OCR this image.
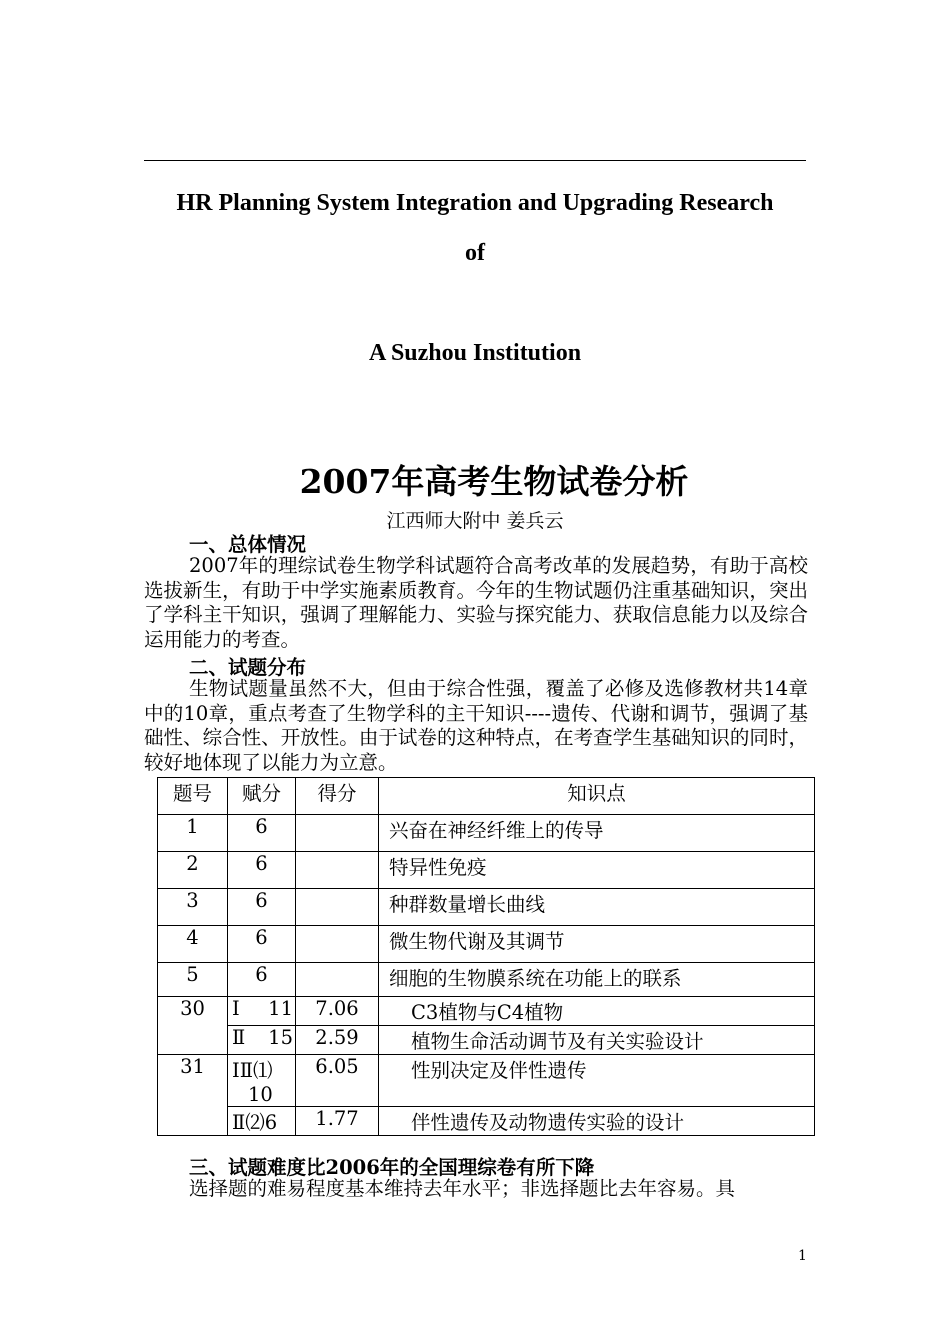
HR Planning System Integration and Upgrading Research
of
A Suzhou Institution
2007年高考生物试卷分析
江西师大附中 姜兵云
一、总体情况

2007年的理综试卷生物学科试题符合高考改革的发展趋势，有助于高校选拔新生，有助于中学实施素质教育。今年的生物试题仍注重基础知识，突出了学科主干知识，强调了理解能力、实验与探究能力、获取信息能力以及综合运用能力的考查。

二、试题分布

生物试题量虽然不大，但由于综合性强，覆盖了必修及选修教材共14章中的10章，重点考查了生物学科的主干知识----遗传、代谢和调节，强调了基础性、综合性、开放性。由于试卷的这种特点，在考查学生基础知识的同时，较好地体现了以能力为立意。

题号	赋分	得分	知识点
1	6		兴奋在神经纤维上的传导
2	6		特异性免疫
3	6		种群数量增长曲线
4	6		微生物代谢及其调节
5	6		细胞的生物膜系统在功能上的联系
30	Ⅰ 11	7.06	C3植物与C4植物

	Ⅱ 15	2.59	植物生命活动调节及有关实验设计
31	ⅠⅡ⑴
10	6.05	性别决定及伴性遗传
	Ⅱ⑵6	1.77	伴性遗传及动物遗传实验的设计
三、试题难度比2006年的全国理综卷有所下降

选择题的难易程度基本维持去年水平；非选择题比去年容易。具

1
